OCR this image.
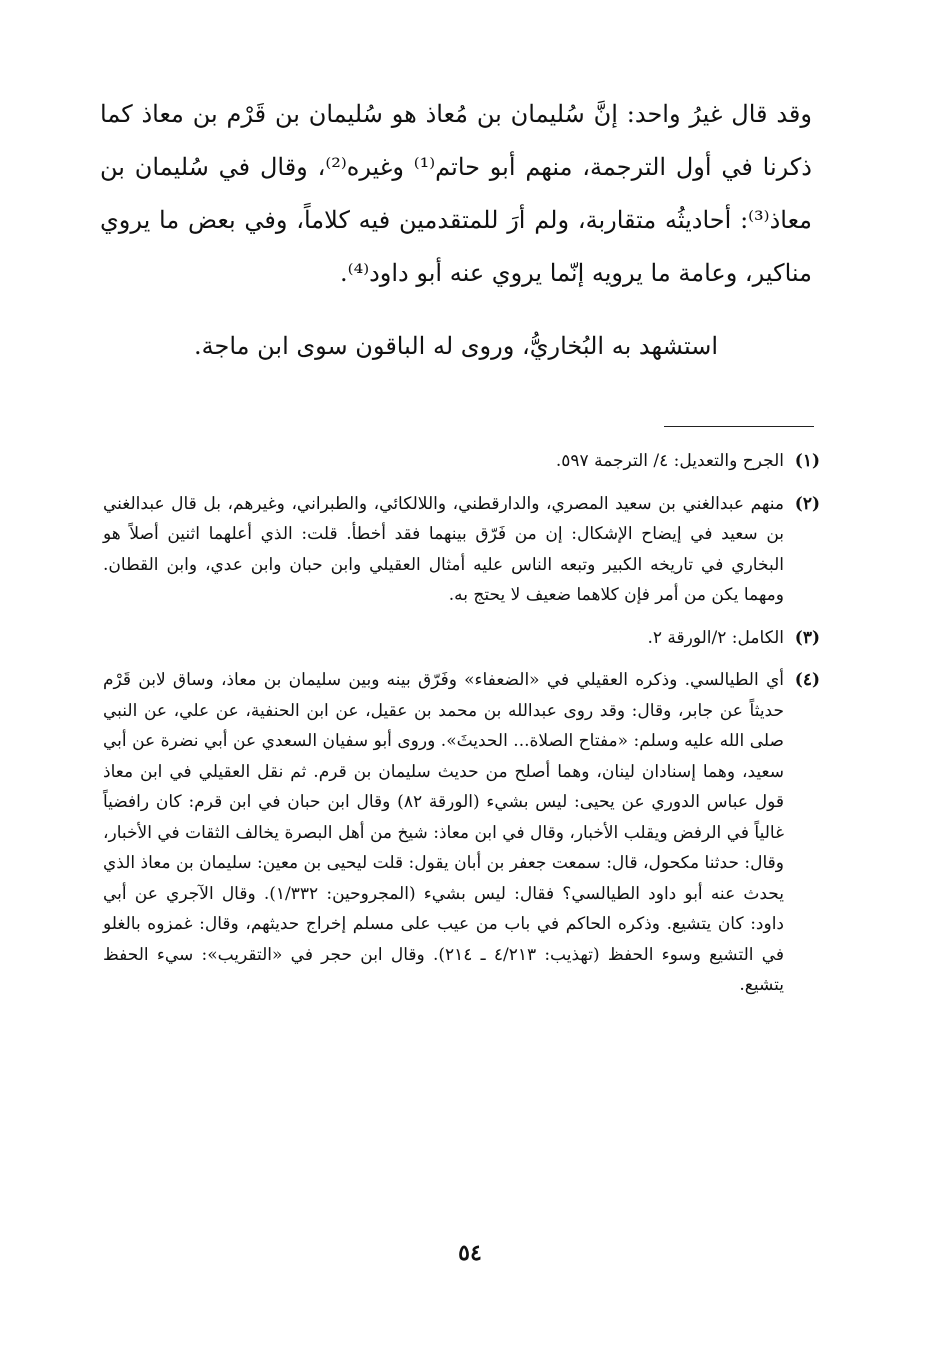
وقد قال غيرُ واحد: إنَّ سُليمان بن مُعاذ هو سُليمان بن قَرْم بن معاذ كما ذكرنا في أول الترجمة، منهم أبو حاتم⁽¹⁾ وغيره⁽²⁾، وقال في سُليمان بن معاذ⁽³⁾: أحاديثُه متقاربة، ولم أرَ للمتقدمين فيه كلاماً، وفي بعض ما يروي مناكير، وعامة ما يرويه إنّما يروي عنه أبو داود⁽⁴⁾.

استشهد به البُخاريُّ، وروى له الباقون سوى ابن ماجة.

(١)
الجرح والتعديل: ٤/ الترجمة ٥٩٧.
(٢)
منهم عبدالغني بن سعيد المصري، والدارقطني، واللالكائي، والطبراني، وغيرهم، بل قال عبدالغني بن سعيد في إيضاح الإشكال: إن من فَرّق بينهما فقد أخطأ. قلت: الذي أعلهما اثنين أصلاً هو البخاري في تاريخه الكبير وتبعه الناس عليه أمثال العقيلي وابن حبان وابن عدي، وابن القطان. ومهما يكن من أمر فإن كلاهما ضعيف لا يحتج به.
(٣)
الكامل: ٢/الورقة ٢.
(٤)
أي الطيالسي. وذكره العقيلي في «الضعفاء» وفَرّق بينه وبين سليمان بن معاذ، وساق لابن قَرْم حديثاً عن جابر، وقال: وقد روى عبدالله بن محمد بن عقيل، عن ابن الحنفية، عن علي، عن النبي صلى الله عليه وسلم: «مفتاح الصلاة... الحديثَ». وروى أبو سفيان السعدي عن أبي نضرة عن أبي سعيد، وهما إسنادان لينان، وهما أصلح من حديث سليمان بن قرم. ثم نقل العقيلي في ابن معاذ قول عباس الدوري عن يحيى: ليس بشيء (الورقة ٨٢) وقال ابن حبان في ابن قرم: كان رافضياً غالياً في الرفض ويقلب الأخبار، وقال في ابن معاذ: شيخ من أهل البصرة يخالف الثقات في الأخبار، وقال: حدثنا مكحول، قال: سمعت جعفر بن أبان يقول: قلت ليحيى بن معين: سليمان بن معاذ الذي يحدث عنه أبو داود الطيالسي؟ فقال: ليس بشيء (المجروحين: ١/٣٣٢). وقال الآجري عن أبي داود: كان يتشيع. وذكره الحاكم في باب من عيب على مسلم إخراج حديثهم، وقال: غمزوه بالغلو في التشيع وسوء الحفظ (تهذيب: ٤/٢١٣ ـ ٢١٤). وقال ابن حجر في «التقريب»: سيء الحفظ يتشيع.
٥٤
